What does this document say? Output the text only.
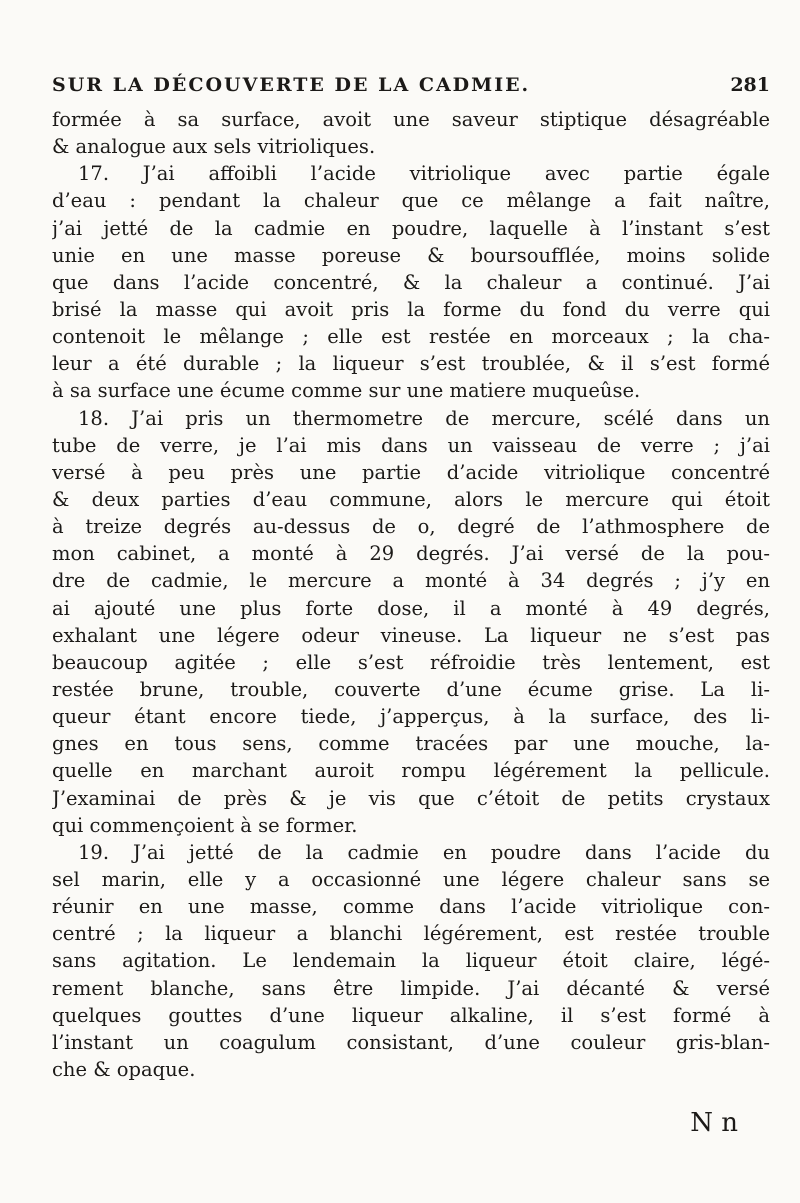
SUR LA DÉCOUVERTE DE LA CADMIE.	281
formée à sa surface, avoit une saveur stiptique désagréable
& analogue aux sels vitrioliques.
17. J’ai affoibli l’acide vitriolique avec partie égale
d’eau : pendant la chaleur que ce mêlange a fait naître,
j’ai jetté de la cadmie en poudre, laquelle à l’instant s’est
unie en une masse poreuse & boursoufflée, moins solide
que dans l’acide concentré, & la chaleur a continué. J’ai
brisé la masse qui avoit pris la forme du fond du verre qui
contenoit le mêlange ; elle est restée en morceaux ; la cha-
leur a été durable ; la liqueur s’est troublée, & il s’est formé
à sa surface une écume comme sur une matiere muqueûse.
18. J’ai pris un thermometre de mercure, scélé dans un
tube de verre, je l’ai mis dans un vaisseau de verre ; j’ai
versé à peu près une partie d’acide vitriolique concentré
& deux parties d’eau commune, alors le mercure qui étoit
à treize degrés au-dessus de o, degré de l’athmosphere de
mon cabinet, a monté à 29 degrés. J’ai versé de la pou-
dre de cadmie, le mercure a monté à 34 degrés ; j’y en
ai ajouté une plus forte dose, il a monté à 49 degrés,
exhalant une légere odeur vineuse. La liqueur ne s’est pas
beaucoup agitée ; elle s’est réfroidie très lentement, est
restée brune, trouble, couverte d’une écume grise. La li-
queur étant encore tiede, j’apperçus, à la surface, des li-
gnes en tous sens, comme tracées par une mouche, la-
quelle en marchant auroit rompu légérement la pellicule.
J’examinai de près & je vis que c’étoit de petits crystaux
qui commençoient à se former.
19. J’ai jetté de la cadmie en poudre dans l’acide du
sel marin, elle y a occasionné une légere chaleur sans se
réunir en une masse, comme dans l’acide vitriolique con-
centré ; la liqueur a blanchi légérement, est restée trouble
sans agitation. Le lendemain la liqueur étoit claire, légé-
rement blanche, sans être limpide. J’ai décanté & versé
quelques gouttes d’une liqueur alkaline, il s’est formé à
l’instant un coagulum consistant, d’une couleur gris-blan-
che & opaque.
N n
